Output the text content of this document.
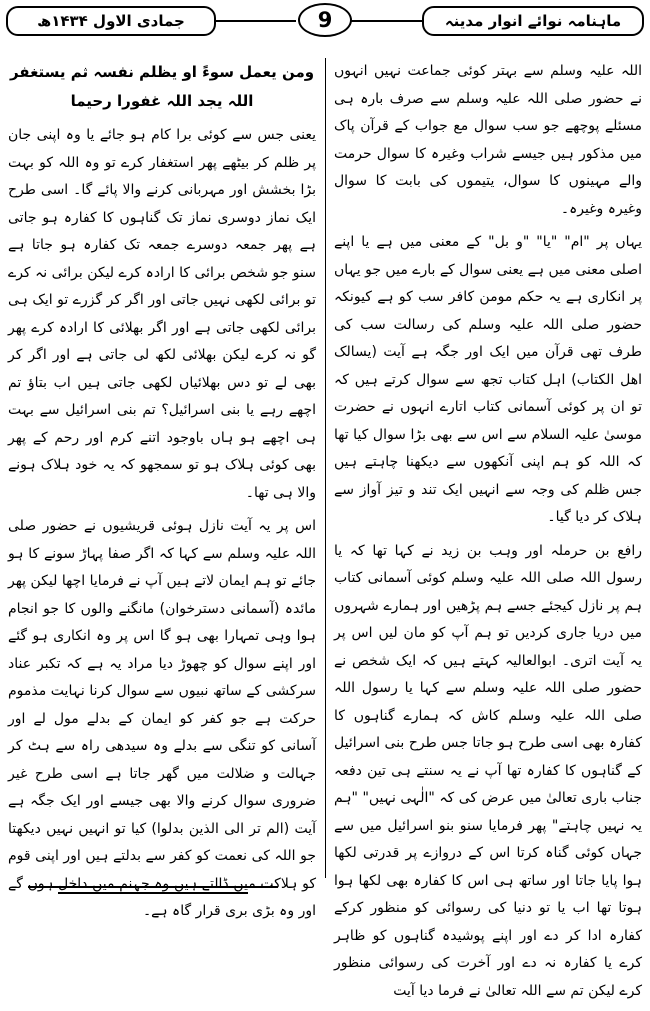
ماہنامہ نوائے انوار مدینہ
9
جمادی الاول ۱۴۳۴ھ

اللہ علیہ وسلم سے بہتر کوئی جماعت نہیں انہوں نے حضور صلی اللہ علیہ وسلم سے صرف بارہ ہی مسئلے پوچھے جو سب سوال مع جواب کے قرآن پاک میں مذکور ہیں جیسے شراب وغیرہ کا سوال حرمت والے مہینوں کا سوال، یتیموں کی بابت کا سوال وغیرہ وغیرہ۔

یہاں پر "ام" "یا" "و بل" کے معنی میں ہے یا اپنے اصلی معنی میں ہے یعنی سوال کے بارے میں جو یہاں پر انکاری ہے یہ حکم مومن کافر سب کو ہے کیونکہ حضور صلی اللہ علیہ وسلم کی رسالت سب کی طرف تھی قرآن میں ایک اور جگہ ہے آیت (یسالک اھل الکتاب) اہل کتاب تجھ سے سوال کرتے ہیں کہ تو ان پر کوئی آسمانی کتاب اتارے انہوں نے حضرت موسیٰ علیہ السلام سے اس سے بھی بڑا سوال کیا تھا کہ اللہ کو ہم اپنی آنکھوں سے دیکھنا چاہتے ہیں جس ظلم کی وجہ سے انہیں ایک تند و تیز آواز سے ہلاک کر دیا گیا۔

رافع بن حرملہ اور وہب بن زید نے کہا تھا کہ یا رسول اللہ صلی اللہ علیہ وسلم کوئی آسمانی کتاب ہم پر نازل کیجئے جسے ہم پڑھیں اور ہمارے شہروں میں دریا جاری کردیں تو ہم آپ کو مان لیں اس پر یہ آیت اتری۔ ابوالعالیہ کہتے ہیں کہ ایک شخص نے حضور صلی اللہ علیہ وسلم سے کہا یا رسول اللہ صلی اللہ علیہ وسلم کاش کہ ہمارے گناہوں کا کفارہ بھی اسی طرح ہو جاتا جس طرح بنی اسرائیل کے گناہوں کا کفارہ تھا آپ نے یہ سنتے ہی تین دفعہ جناب باری تعالیٰ میں عرض کی کہ "الٰہی نہیں" "ہم یہ نہیں چاہتے" پھر فرمایا سنو بنو اسرائیل میں سے جہاں کوئی گناہ کرتا اس کے دروازے پر قدرتی لکھا ہوا پایا جاتا اور ساتھ ہی اس کا کفارہ بھی لکھا ہوا ہوتا تھا اب یا تو دنیا کی رسوائی کو منظور کرکے کفارہ ادا کر دے اور اپنے پوشیدہ گناہوں کو ظاہر کرے یا کفارہ نہ دے اور آخرت کی رسوائی منظور کرے لیکن تم سے اللہ تعالیٰ نے فرما دیا آیت

ومن یعمل سوءً او یظلم نفسہ ثم یستغفر اللہ یجد اللہ غفورا رحیما

یعنی جس سے کوئی برا کام ہو جائے یا وہ اپنی جان پر ظلم کر بیٹھے پھر استغفار کرے تو وہ اللہ کو بہت بڑا بخشش اور مہربانی کرنے والا پائے گا۔ اسی طرح ایک نماز دوسری نماز تک گناہوں کا کفارہ ہو جاتی ہے پھر جمعہ دوسرے جمعہ تک کفارہ ہو جاتا ہے سنو جو شخص برائی کا ارادہ کرے لیکن برائی نہ کرے تو برائی لکھی نہیں جاتی اور اگر کر گزرے تو ایک ہی برائی لکھی جاتی ہے اور اگر بھلائی کا ارادہ کرے پھر گو نہ کرے لیکن بھلائی لکھ لی جاتی ہے اور اگر کر بھی لے تو دس بھلائیاں لکھی جاتی ہیں اب بتاؤ تم اچھے رہے یا بنی اسرائیل؟ تم بنی اسرائیل سے بہت ہی اچھے ہو ہاں باوجود اتنے کرم اور رحم کے پھر بھی کوئی ہلاک ہو تو سمجھو کہ یہ خود ہلاک ہونے والا ہی تھا۔

اس پر یہ آیت نازل ہوئی قریشیوں نے حضور صلی اللہ علیہ وسلم سے کہا کہ اگر صفا پہاڑ سونے کا ہو جائے تو ہم ایمان لاتے ہیں آپ نے فرمایا اچھا لیکن پھر مائدہ (آسمانی دسترخوان) مانگنے والوں کا جو انجام ہوا وہی تمہارا بھی ہو گا اس پر وہ انکاری ہو گئے اور اپنے سوال کو چھوڑ دیا مراد یہ ہے کہ تکبر عناد سرکشی کے ساتھ نبیوں سے سوال کرنا نہایت مذموم حرکت ہے جو کفر کو ایمان کے بدلے مول لے اور آسانی کو تنگی سے بدلے وہ سیدھی راہ سے ہٹ کر جہالت و ضلالت میں گھر جاتا ہے اسی طرح غیر ضروری سوال کرنے والا بھی جیسے اور ایک جگہ ہے آیت (الم تر الی الذین بدلوا) کیا تو انہیں نہیں دیکھتا جو اللہ کی نعمت کو کفر سے بدلتے ہیں اور اپنی قوم کو ہلاکت میں ڈالتے ہیں وہ جہنم میں داخل ہوں گے اور وہ بڑی بری قرار گاہ ہے۔
